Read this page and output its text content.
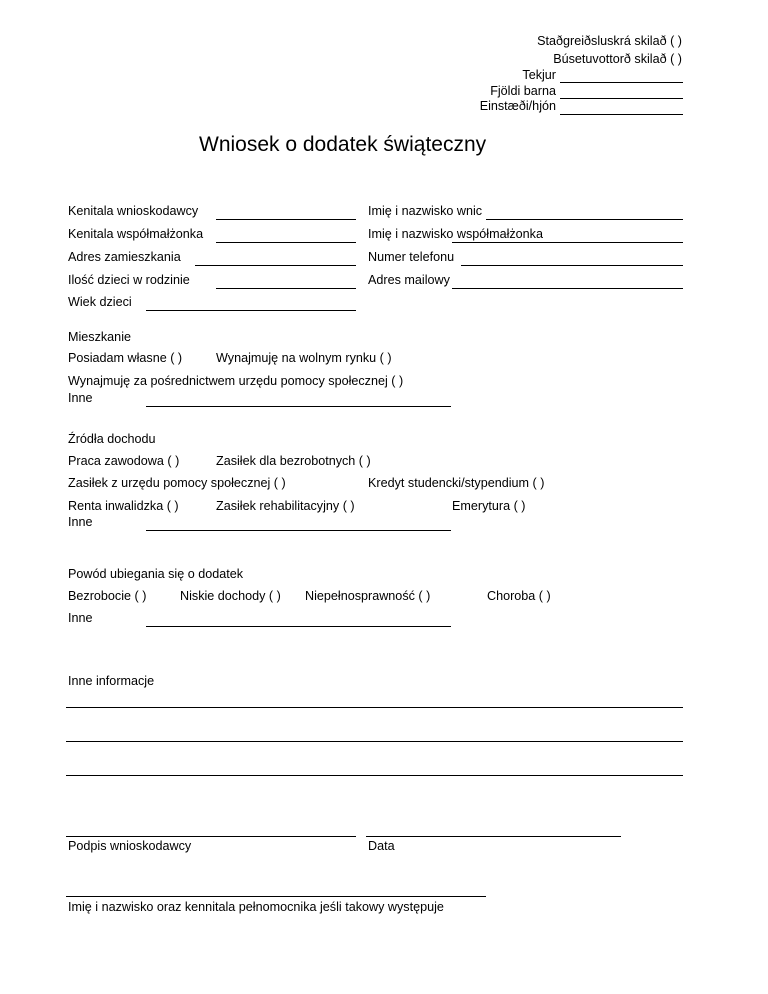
Staðgreiðsluskrá skilað ( )
Búsetuvottorð skilað ( )
Tekjur
Fjöldi barna
Einstæði/hjón
Wniosek o dodatek świąteczny
Kenitala wnioskodawcy	Imię i nazwisko wnic
Kenitala współmałżonka	Imię i nazwisko współmałżonka
Adres zamieszkania	Numer telefonu
Ilość dzieci w rodzinie	Adres mailowy
Wiek dzieci
Mieszkanie
Posiadam własne ( )	Wynajmuję na wolnym rynku ( )
Wynajmuję za pośrednictwem urzędu pomocy społecznej ( )
Inne
Źródła dochodu
Praca zawodowa ( )	Zasiłek dla bezrobotnych ( )
Zasiłek z urzędu pomocy społecznej ( )	Kredyt studencki/stypendium ( )
Renta inwalidzka ( )	Zasiłek rehabilitacyjny ( )	Emerytura ( )
Inne
Powód ubiegania się o dodatek
Bezrobocie ( )	Niskie dochody ( ) Niepełnosprawność ( )	Choroba ( )
Inne
Inne informacje
Podpis wnioskodawcy	Data
Imię i nazwisko oraz kennitala pełnomocnika jeśli takowy występuje
